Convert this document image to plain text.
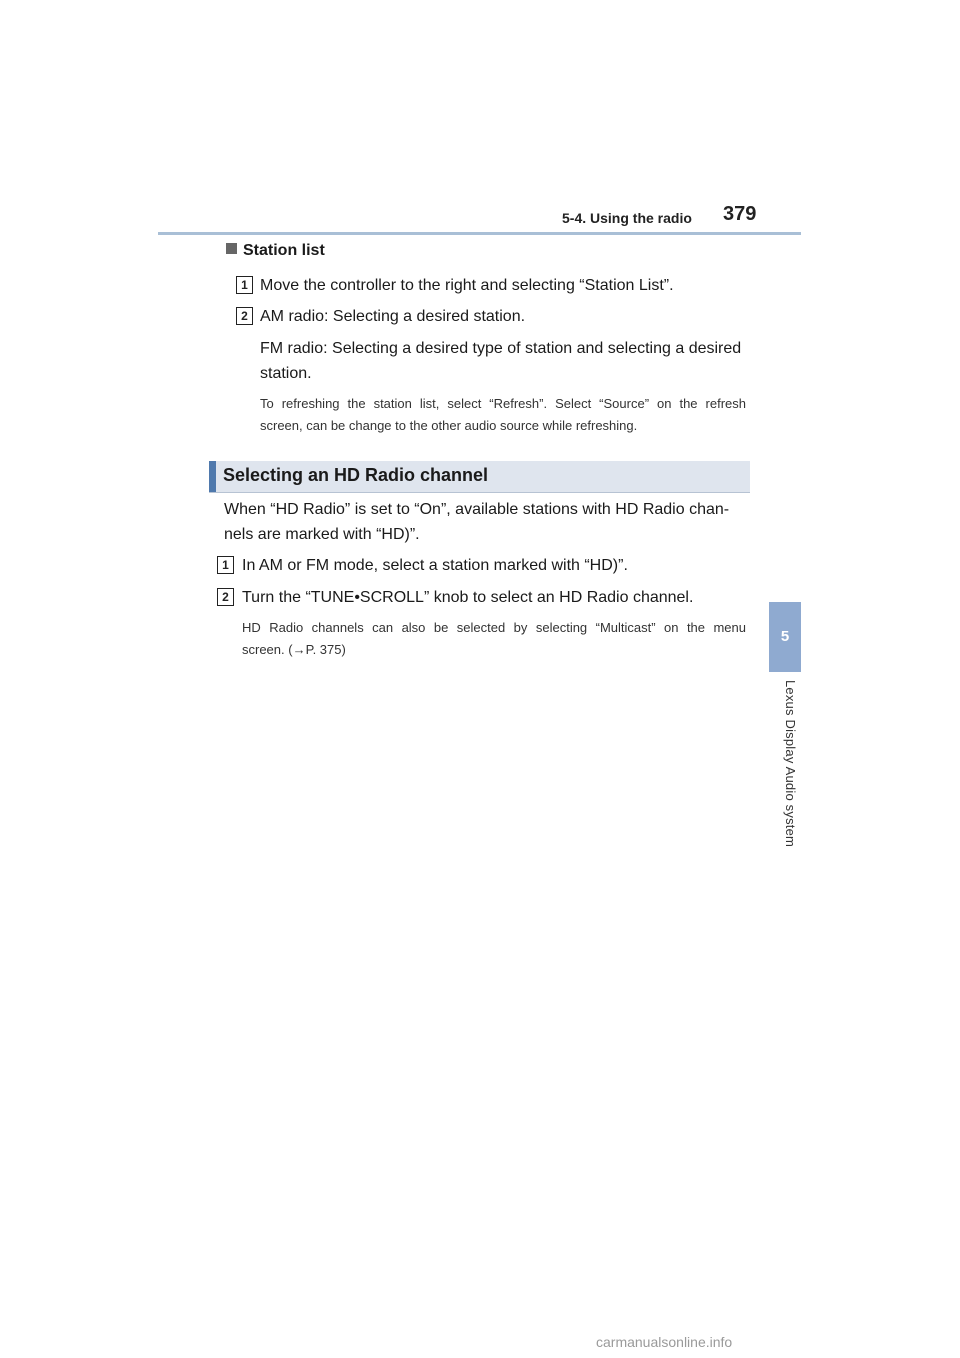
5-4. Using the radio 379
5
Lexus Display Audio system
Station list
1 Move the controller to the right and selecting “Station List”.
2 AM radio: Selecting a desired station.
FM radio: Selecting a desired type of station and selecting a desired
station.
To refreshing the station list, select “Refresh”. Select “Source” on the refresh
screen, can be change to the other audio source while refreshing.
Selecting an HD Radio channel
When “HD Radio” is set to “On”, available stations with HD Radio chan-
nels are marked with “HD)”.
1 In AM or FM mode, select a station marked with “HD)”.
2 Turn the “TUNE•SCROLL” knob to select an HD Radio channel.
HD Radio channels can also be selected by selecting “Multicast” on the menu
screen. (→P. 375)
carmanualsonline.info
